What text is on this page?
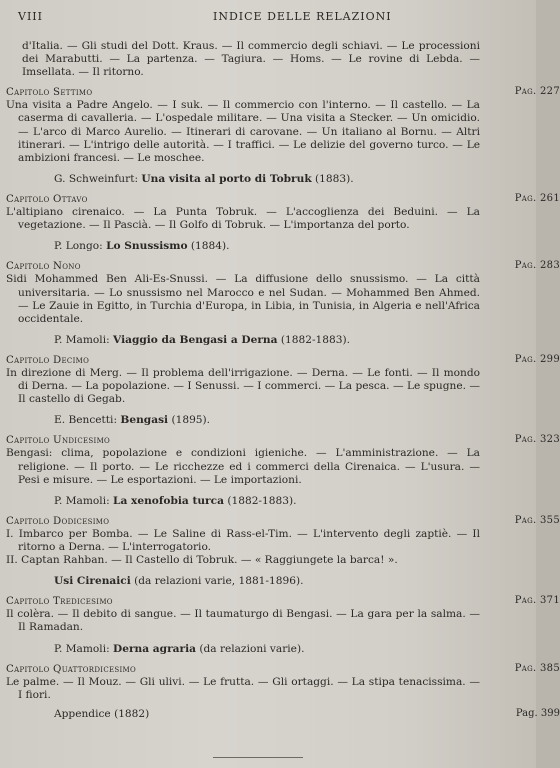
VIII	INDICE DELLE RELAZIONI

d'Italia. — Gli studi del Dott. Kraus. — Il commercio degli schiavi. — Le processioni dei Marabutti. — La partenza. — Tagiura. — Homs. — Le rovine di Lebda. — Imsellata. — Il ritorno.

Pag. 227
Capitolo Settimo

Una visita a Padre Angelo. — I suk. — Il commercio con l'interno. — Il castello. — La caserma di cavalleria. — L'ospedale militare. — Una visita a Stecker. — Un omicidio. — L'arco di Marco Aurelio. — Itinerari di carovane. — Un italiano al Bornu. — Altri itinerari. — L'intrigo delle autorità. — I traffici. — Le delizie del governo turco. — Le ambizioni francesi. — Le moschee.

G. Schweinfurt: Una visita al porto di Tobruk (1883).
Pag. 261
Capitolo Ottavo

L'altipiano cirenaico. — La Punta Tobruk. — L'accoglienza dei Beduini. — La vegetazione. — Il Pascià. — Il Golfo di Tobruk. — L'importanza del porto.

P. Longo: Lo Snussismo (1884).
Pag. 283
Capitolo Nono

Sidi Mohammed Ben Ali-Es-Snussi. — La diffusione dello snussismo. — La città universitaria. — Lo snussismo nel Marocco e nel Sudan. — Mohammed Ben Ahmed. — Le Zauie in Egitto, in Turchia d'Europa, in Libia, in Tunisia, in Algeria e nell'Africa occidentale.

P. Mamoli: Viaggio da Bengasi a Derna (1882-1883).
Pag. 299
Capitolo Decimo

In direzione di Merg. — Il problema dell'irrigazione. — Derna. — Le fonti. — Il mondo di Derna. — La popolazione. — I Senussi. — I commerci. — La pesca. — Le spugne. — Il castello di Gegab.

E. Bencetti: Bengasi (1895).
Pag. 323
Capitolo Undicesimo

Bengasi: clima, popolazione e condizioni igieniche. — L'amministrazione. — La religione. — Il porto. — Le ricchezze ed i commerci della Cirenaica. — L'usura. — Pesi e misure. — Le esportazioni. — Le importazioni.

P. Mamoli: La xenofobia turca (1882-1883).
Pag. 355
Capitolo Dodicesimo

I. Imbarco per Bomba. — Le Saline di Rass-el-Tim. — L'intervento degli zaptiè. — Il ritorno a Derna. — L'interrogatorio.

II. Captan Rahban. — Il Castello di Tobruk. — « Raggiungete la barca! ».

Usi Cirenaici (da relazioni varie, 1881-1896).
Pag. 371
Capitolo Tredicesimo

Il colèra. — Il debito di sangue. — Il taumaturgo di Bengasi. — La gara per la salma. — Il Ramadan.

P. Mamoli: Derna agraria (da relazioni varie).
Pag. 385
Capitolo Quattordicesimo

Le palme. — Il Mouz. — Gli ulivi. — Le frutta. — Gli ortaggi. — La stipa tenacissima. — I fiori.

Pag. 399
Appendice (1882)
